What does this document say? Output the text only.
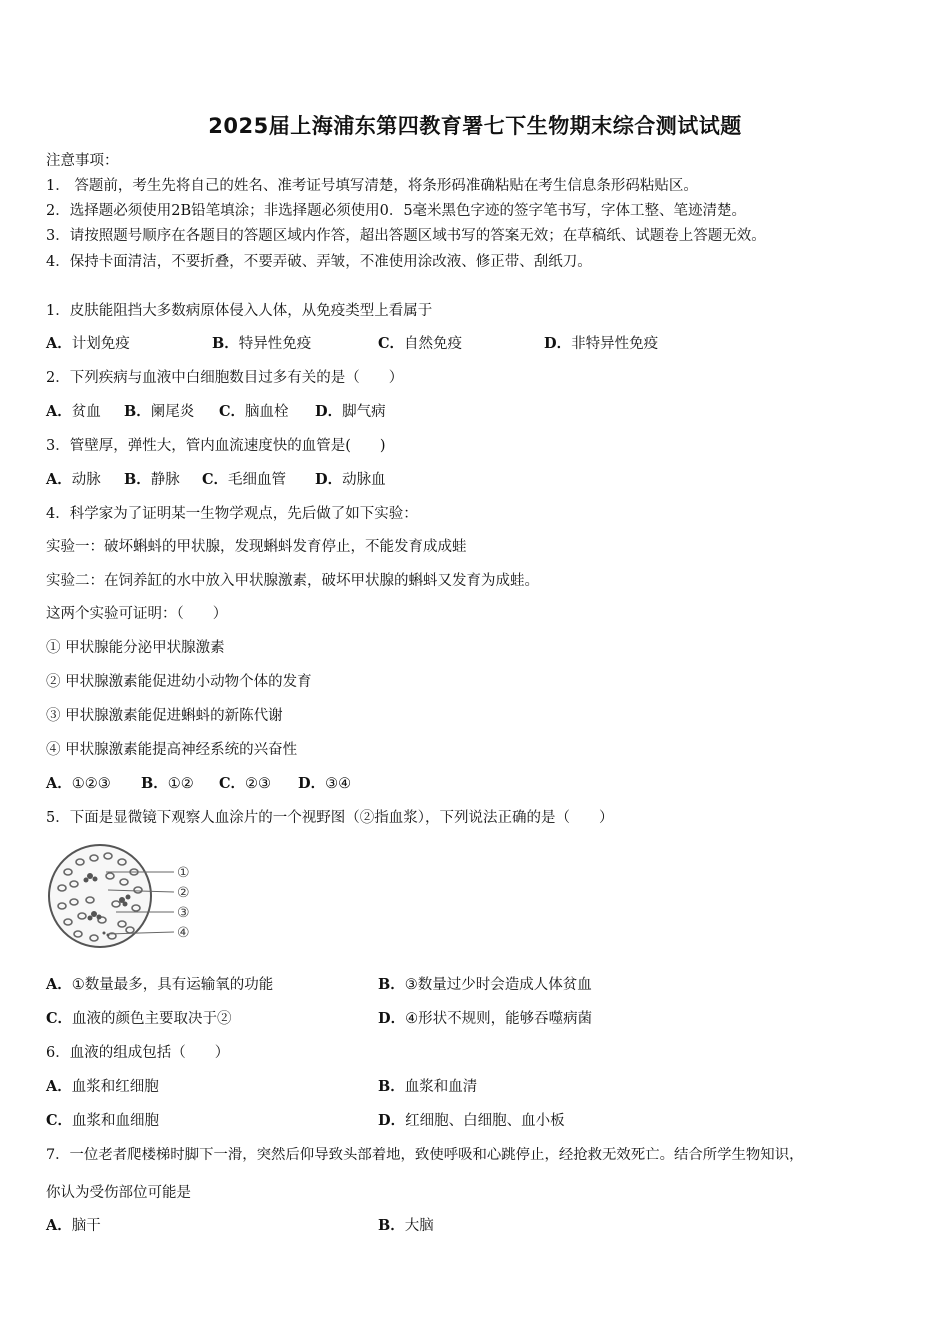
2025届上海浦东第四教育署七下生物期末综合测试试题
注意事项：
1． 答题前，考生先将自己的姓名、准考证号填写清楚，将条形码准确粘贴在考生信息条形码粘贴区。
2．选择题必须使用2B铅笔填涂；非选择题必须使用0．5毫米黑色字迹的签字笔书写，字体工整、笔迹清楚。
3．请按照题号顺序在各题目的答题区域内作答，超出答题区域书写的答案无效；在草稿纸、试题卷上答题无效。
4．保持卡面清洁，不要折叠，不要弄破、弄皱，不准使用涂改液、修正带、刮纸刀。
1．皮肤能阻挡大多数病原体侵入人体，从免疫类型上看属于
A．计划免疫	B．特异性免疫	C．自然免疫	D．非特异性免疫
2．下列疾病与血液中白细胞数目过多有关的是（　　）
A．贫血 B．阑尾炎 C．脑血栓 D．脚气病
3．管壁厚，弹性大，管内血流速度快的血管是(　　)
A．动脉 B．静脉 C．毛细血管 D．动脉血
4．科学家为了证明某一生物学观点，先后做了如下实验：
实验一：破坏蝌蚪的甲状腺，发现蝌蚪发育停止，不能发育成成蛙
实验二：在饲养缸的水中放入甲状腺激素，破坏甲状腺的蝌蚪又发育为成蛙。
这两个实验可证明：（　　）
① 甲状腺能分泌甲状腺激素
② 甲状腺激素能促进幼小动物个体的发育
③ 甲状腺激素能促进蝌蚪的新陈代谢
④ 甲状腺激素能提高神经系统的兴奋性
A．①②③ B．①② C．②③ D．③④
5．下面是显微镜下观察人血涂片的一个视野图（②指血浆），下列说法正确的是（　　）
①
②
③
④
A．①数量最多，具有运输氧的功能	B．③数量过少时会造成人体贫血
C．血液的颜色主要取决于②	D．④形状不规则，能够吞噬病菌
6．血液的组成包括（　　）
A．血浆和红细胞	B．血浆和血清
C．血浆和血细胞	D．红细胞、白细胞、血小板
7．一位老者爬楼梯时脚下一滑，突然后仰导致头部着地，致使呼吸和心跳停止，经抢救无效死亡。结合所学生物知识，
你认为受伤部位可能是
A．脑干	B．大脑
